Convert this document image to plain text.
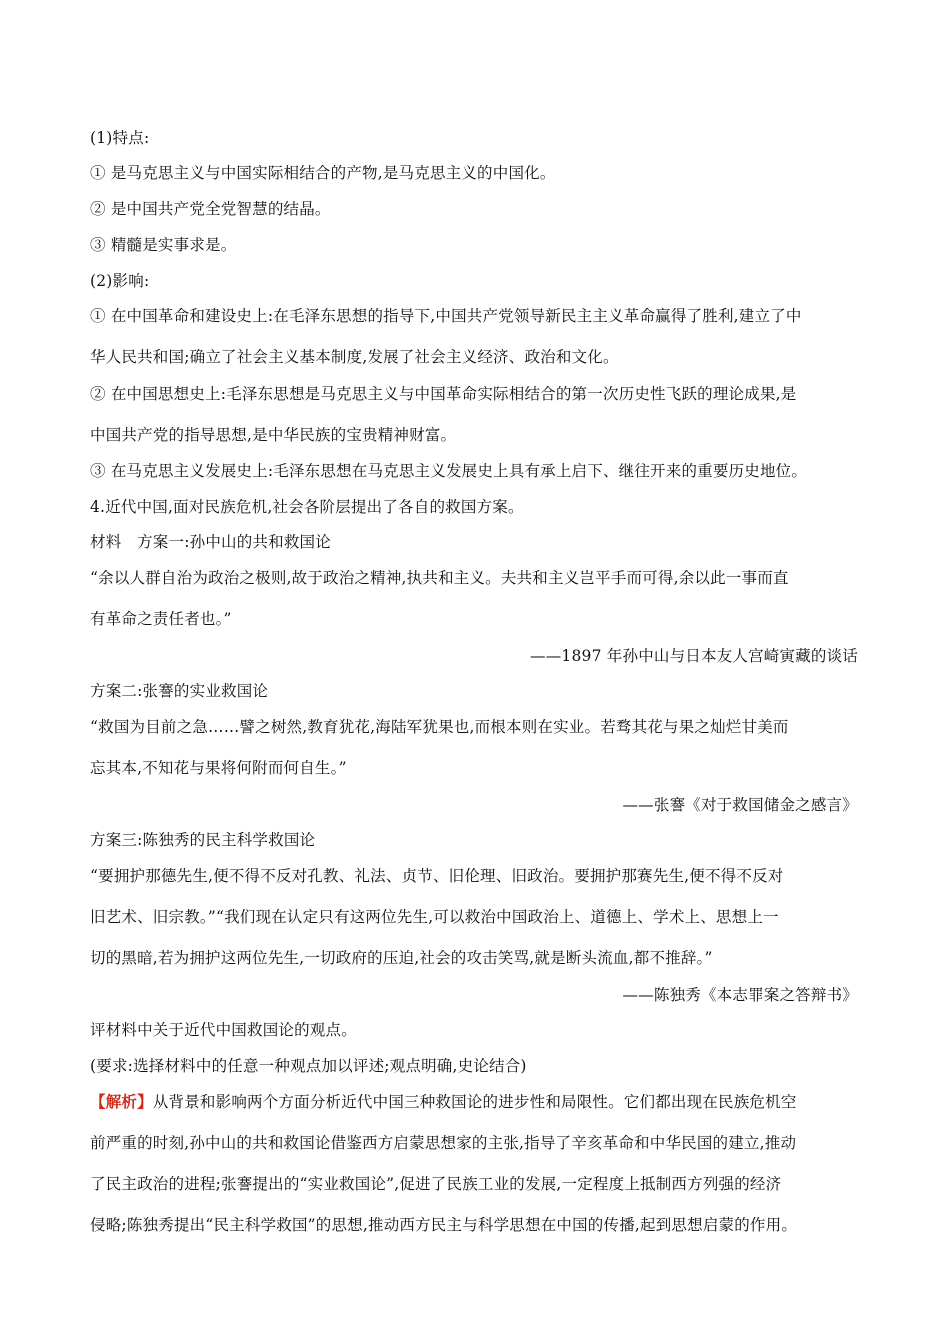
(1)特点:
① 是马克思主义与中国实际相结合的产物,是马克思主义的中国化。
② 是中国共产党全党智慧的结晶。
③ 精髓是实事求是。
(2)影响:
① 在中国革命和建设史上:在毛泽东思想的指导下,中国共产党领导新民主主义革命赢得了胜利,建立了中
华人民共和国;确立了社会主义基本制度,发展了社会主义经济、政治和文化。
② 在中国思想史上:毛泽东思想是马克思主义与中国革命实际相结合的第一次历史性飞跃的理论成果,是
中国共产党的指导思想,是中华民族的宝贵精神财富。
③ 在马克思主义发展史上:毛泽东思想在马克思主义发展史上具有承上启下、继往开来的重要历史地位。
4.近代中国,面对民族危机,社会各阶层提出了各自的救国方案。
材料　方案一:孙中山的共和救国论
“余以人群自治为政治之极则,故于政治之精神,执共和主义。夫共和主义岂平手而可得,余以此一事而直
有革命之责任者也。”
——1897 年孙中山与日本友人宫崎寅藏的谈话
方案二:张謇的实业救国论
“救国为目前之急……譬之树然,教育犹花,海陆军犹果也,而根本则在实业。若骛其花与果之灿烂甘美而
忘其本,不知花与果将何附而何自生。”
——张謇《对于救国储金之感言》
方案三:陈独秀的民主科学救国论
“要拥护那德先生,便不得不反对孔教、礼法、贞节、旧伦理、旧政治。要拥护那赛先生,便不得不反对
旧艺术、旧宗教。”“我们现在认定只有这两位先生,可以救治中国政治上、道德上、学术上、思想上一
切的黑暗,若为拥护这两位先生,一切政府的压迫,社会的攻击笑骂,就是断头流血,都不推辞。”
——陈独秀《本志罪案之答辩书》
评材料中关于近代中国救国论的观点。
(要求:选择材料中的任意一种观点加以评述;观点明确,史论结合)
【解析】从背景和影响两个方面分析近代中国三种救国论的进步性和局限性。它们都出现在民族危机空
前严重的时刻,孙中山的共和救国论借鉴西方启蒙思想家的主张,指导了辛亥革命和中华民国的建立,推动
了民主政治的进程;张謇提出的“实业救国论”,促进了民族工业的发展,一定程度上抵制西方列强的经济
侵略;陈独秀提出“民主科学救国”的思想,推动西方民主与科学思想在中国的传播,起到思想启蒙的作用。
